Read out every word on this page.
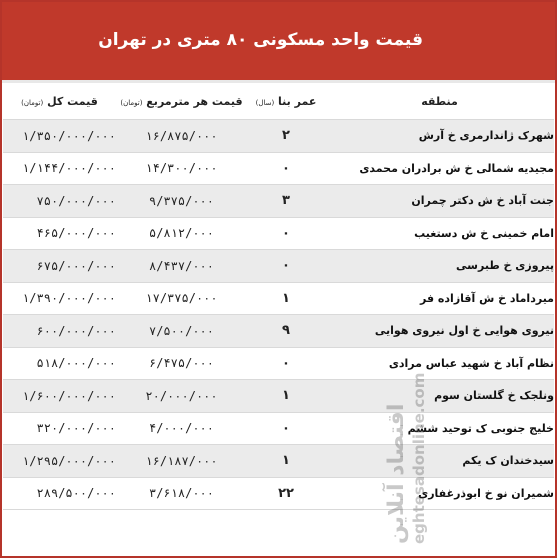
قیمت واحد مسکونی ۸۰ متری در تهران
قیمت کل (تومان)	قیمت هر مترمربع (تومان)	عمر بنا (سال)	منطقه
۱/۳۵۰/۰۰۰/۰۰۰	۱۶/۸۷۵/۰۰۰	۲	شهرک ژاندارمری خ آرش
۱/۱۴۴/۰۰۰/۰۰۰	۱۴/۳۰۰/۰۰۰	۰	مجیدیه شمالی خ ش برادران محمدی
۷۵۰/۰۰۰/۰۰۰	۹/۳۷۵/۰۰۰	۳	جنت آباد خ ش دکتر چمران
۴۶۵/۰۰۰/۰۰۰	۵/۸۱۲/۰۰۰	۰	امام خمینی خ ش دستغیب
۶۷۵/۰۰۰/۰۰۰	۸/۴۳۷/۰۰۰	۰	پیروزی خ طبرسی
۱/۳۹۰/۰۰۰/۰۰۰	۱۷/۳۷۵/۰۰۰	۱	میرداماد خ ش آقازاده فر
۶۰۰/۰۰۰/۰۰۰	۷/۵۰۰/۰۰۰	۹	نیروی هوایی خ اول نیروی هوایی
۵۱۸/۰۰۰/۰۰۰	۶/۴۷۵/۰۰۰	۰	نظام آباد خ شهید عباس مرادی
۱/۶۰۰/۰۰۰/۰۰۰	۲۰/۰۰۰/۰۰۰	۱	ونلجک خ گلستان سوم
۳۲۰/۰۰۰/۰۰۰	۴/۰۰۰/۰۰۰	۰	خلیج جنوبی ک توحید ششم
۱/۲۹۵/۰۰۰/۰۰۰	۱۶/۱۸۷/۰۰۰	۱	سیدخندان ک یکم
۲۸۹/۵۰۰/۰۰۰	۳/۶۱۸/۰۰۰	۲۲	شمیران نو خ ابوذرغفاری
اقتصاد آنلاین eghtesadonline.com
